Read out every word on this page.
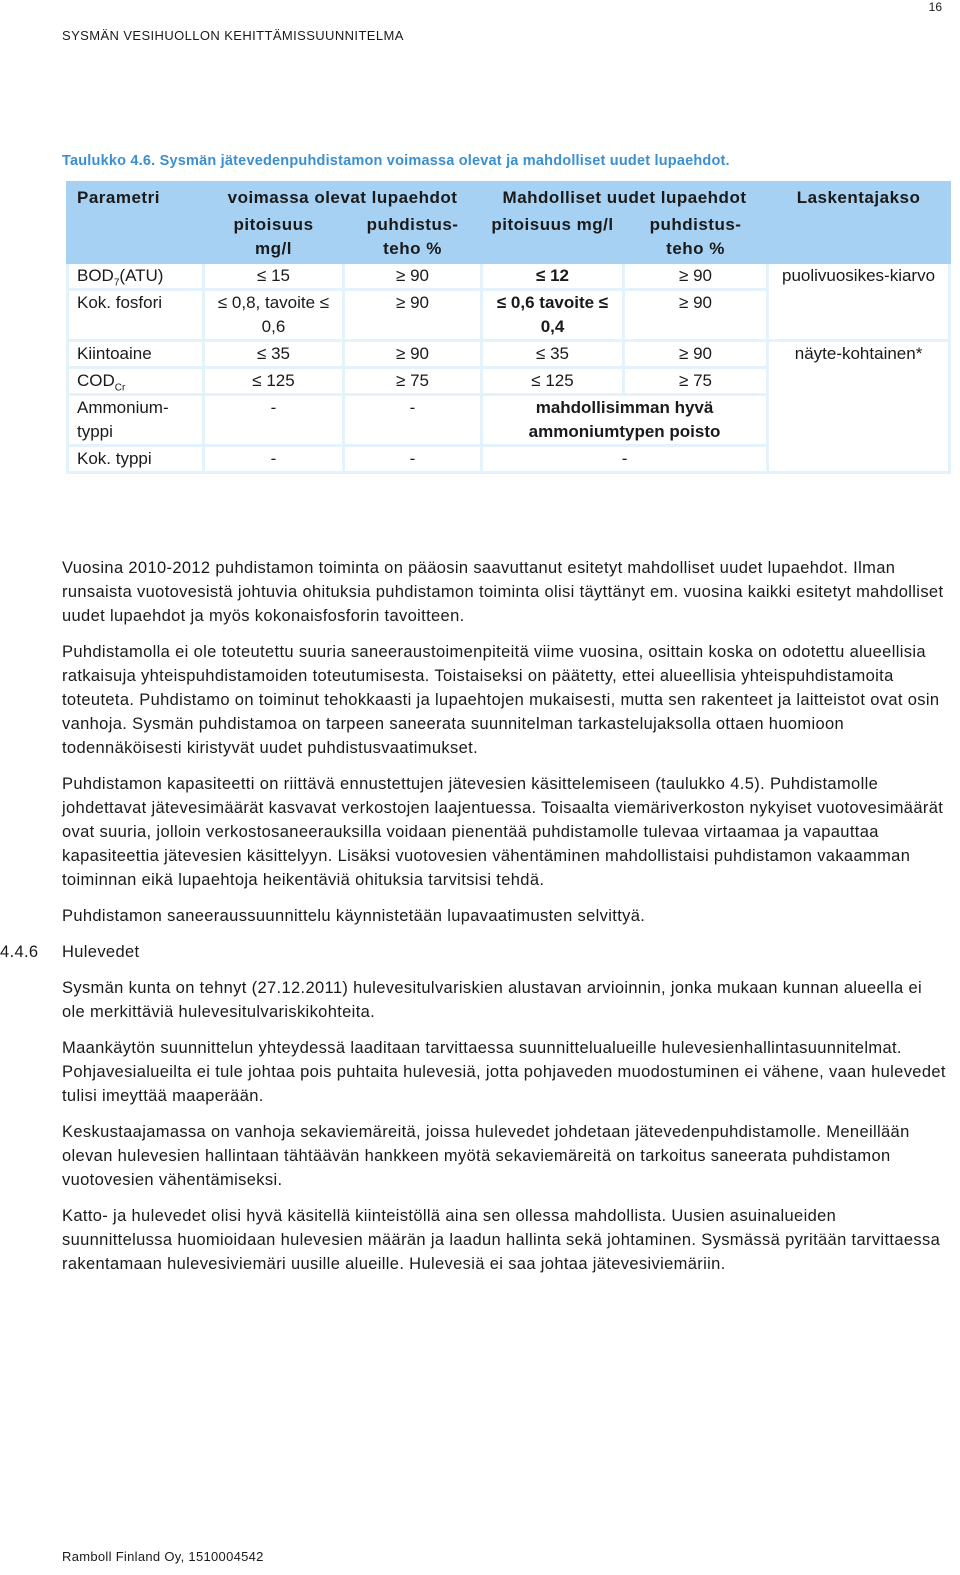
16
SYSMÄN VESIHUOLLON KEHITTÄMISSUUNNITELMA
Taulukko 4.6. Sysmän jätevedenpuhdistamon voimassa olevat ja mahdolliset uudet lupaehdot.
Parametri	voimassa olevat lupaehdot		Mahdolliset uudet lupaehdot		Laskentajakso
	pitoisuus mg/l	puhdistus-teho %	pitoisuus mg/l	puhdistus-teho %	
$BOD_7(ATU)$	≤ 15	≥ 90	≤ 12	≥ 90	puolivuosikes-kiarvo
Kok. fosfori	≤ 0,8, tavoite ≤ 0,6	≥ 90	≤ 0,6 tavoite ≤ 0,4	≥ 90	
Kiintoaine	≤ 35	≥ 90	≤ 35	≥ 90	näyte-kohtainen*
$COD_{Cr}$	≤ 125	≥ 75	≤ 125	≥ 75	
Ammonium-typpi	-	-	mahdollisimman hyvä ammoniumtypen poisto		
Kok. typpi	-	-	-		

Vuosina 2010-2012 puhdistamon toiminta on pääosin saavuttanut esitetyt mahdolliset uudet lupaehdot. Ilman runsaista vuotovesistä johtuvia ohituksia puhdistamon toiminta olisi täyttänyt em. vuosina kaikki esitetyt mahdolliset uudet lupaehdot ja myös kokonaisfosforin tavoitteen.

Puhdistamolla ei ole toteutettu suuria saneeraustoimenpiteitä viime vuosina, osittain koska on odotettu alueellisia ratkaisuja yhteispuhdistamoiden toteutumisesta. Toistaiseksi on päätetty, ettei alueellisia yhteispuhdistamoita toteuteta. Puhdistamo on toiminut tehokkaasti ja lupaehtojen mukaisesti, mutta sen rakenteet ja laitteistot ovat osin vanhoja. Sysmän puhdistamoa on tarpeen saneerata suunnitelman tarkastelujaksolla ottaen huomioon todennäköisesti kiristyvät uudet puhdistusvaatimukset.

Puhdistamon kapasiteetti on riittävä ennustettujen jätevesien käsittelemiseen (taulukko 4.5). Puhdistamolle johdettavat jätevesimäärät kasvavat verkostojen laajentuessa. Toisaalta viemäriverkoston nykyiset vuotovesimäärät ovat suuria, jolloin verkostosaneerauksilla voidaan pienentää puhdistamolle tulevaa virtaamaa ja vapauttaa kapasiteettia jätevesien käsittelyyn. Lisäksi vuotovesien vähentäminen mahdollistaisi puhdistamon vakaamman toiminnan eikä lupaehtoja heikentäviä ohituksia tarvitsisi tehdä.

Puhdistamon saneeraussuunnittelu käynnistetään lupavaatimusten selvittyä.

4.4.6	Hulevedet

Sysmän kunta on tehnyt (27.12.2011) hulevesitulvariskien alustavan arvioinnin, jonka mukaan kunnan alueella ei ole merkittäviä hulevesitulvariskikohteita.

Maankäytön suunnittelun yhteydessä laaditaan tarvittaessa suunnittelualueille hulevesienhallintasuunnitelmat. Pohjavesialueilta ei tule johtaa pois puhtaita hulevesiä, jotta pohjaveden muodostuminen ei vähene, vaan hulevedet tulisi imeyttää maaperään.

Keskustaajamassa on vanhoja sekaviemäreitä, joissa hulevedet johdetaan jätevedenpuhdistamolle. Meneillään olevan hulevesien hallintaan tähtäävän hankkeen myötä sekaviemäreitä on tarkoitus saneerata puhdistamon vuotovesien vähentämiseksi.

Katto- ja hulevedet olisi hyvä käsitellä kiinteistöllä aina sen ollessa mahdollista. Uusien asuinalueiden suunnittelussa huomioidaan hulevesien määrän ja laadun hallinta sekä johtaminen. Sysmässä pyritään tarvittaessa rakentamaan hulevesiviemäri uusille alueille. Hulevesiä ei saa johtaa jätevesiviemäriin.

Ramboll Finland Oy, 1510004542
